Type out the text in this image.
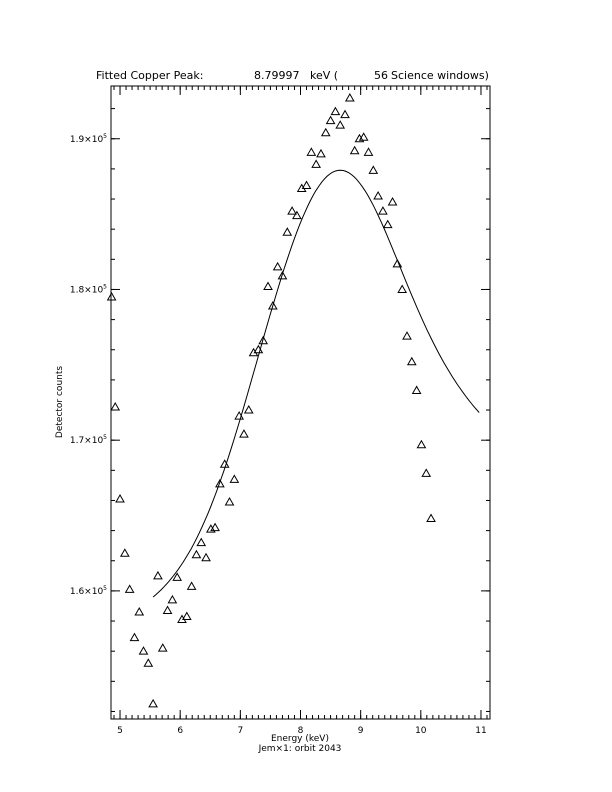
Fitted Copper Peak:	8.79997 keV (	56 Science windows)
5	6	7	8	9	10	11
$1.6\times 10^5$
$1.7\times 10^5$
$1.8\times 10^5$
$1.9\times 10^5$
Energy (keV)
Jem×1: orbit 2043
Detector counts
